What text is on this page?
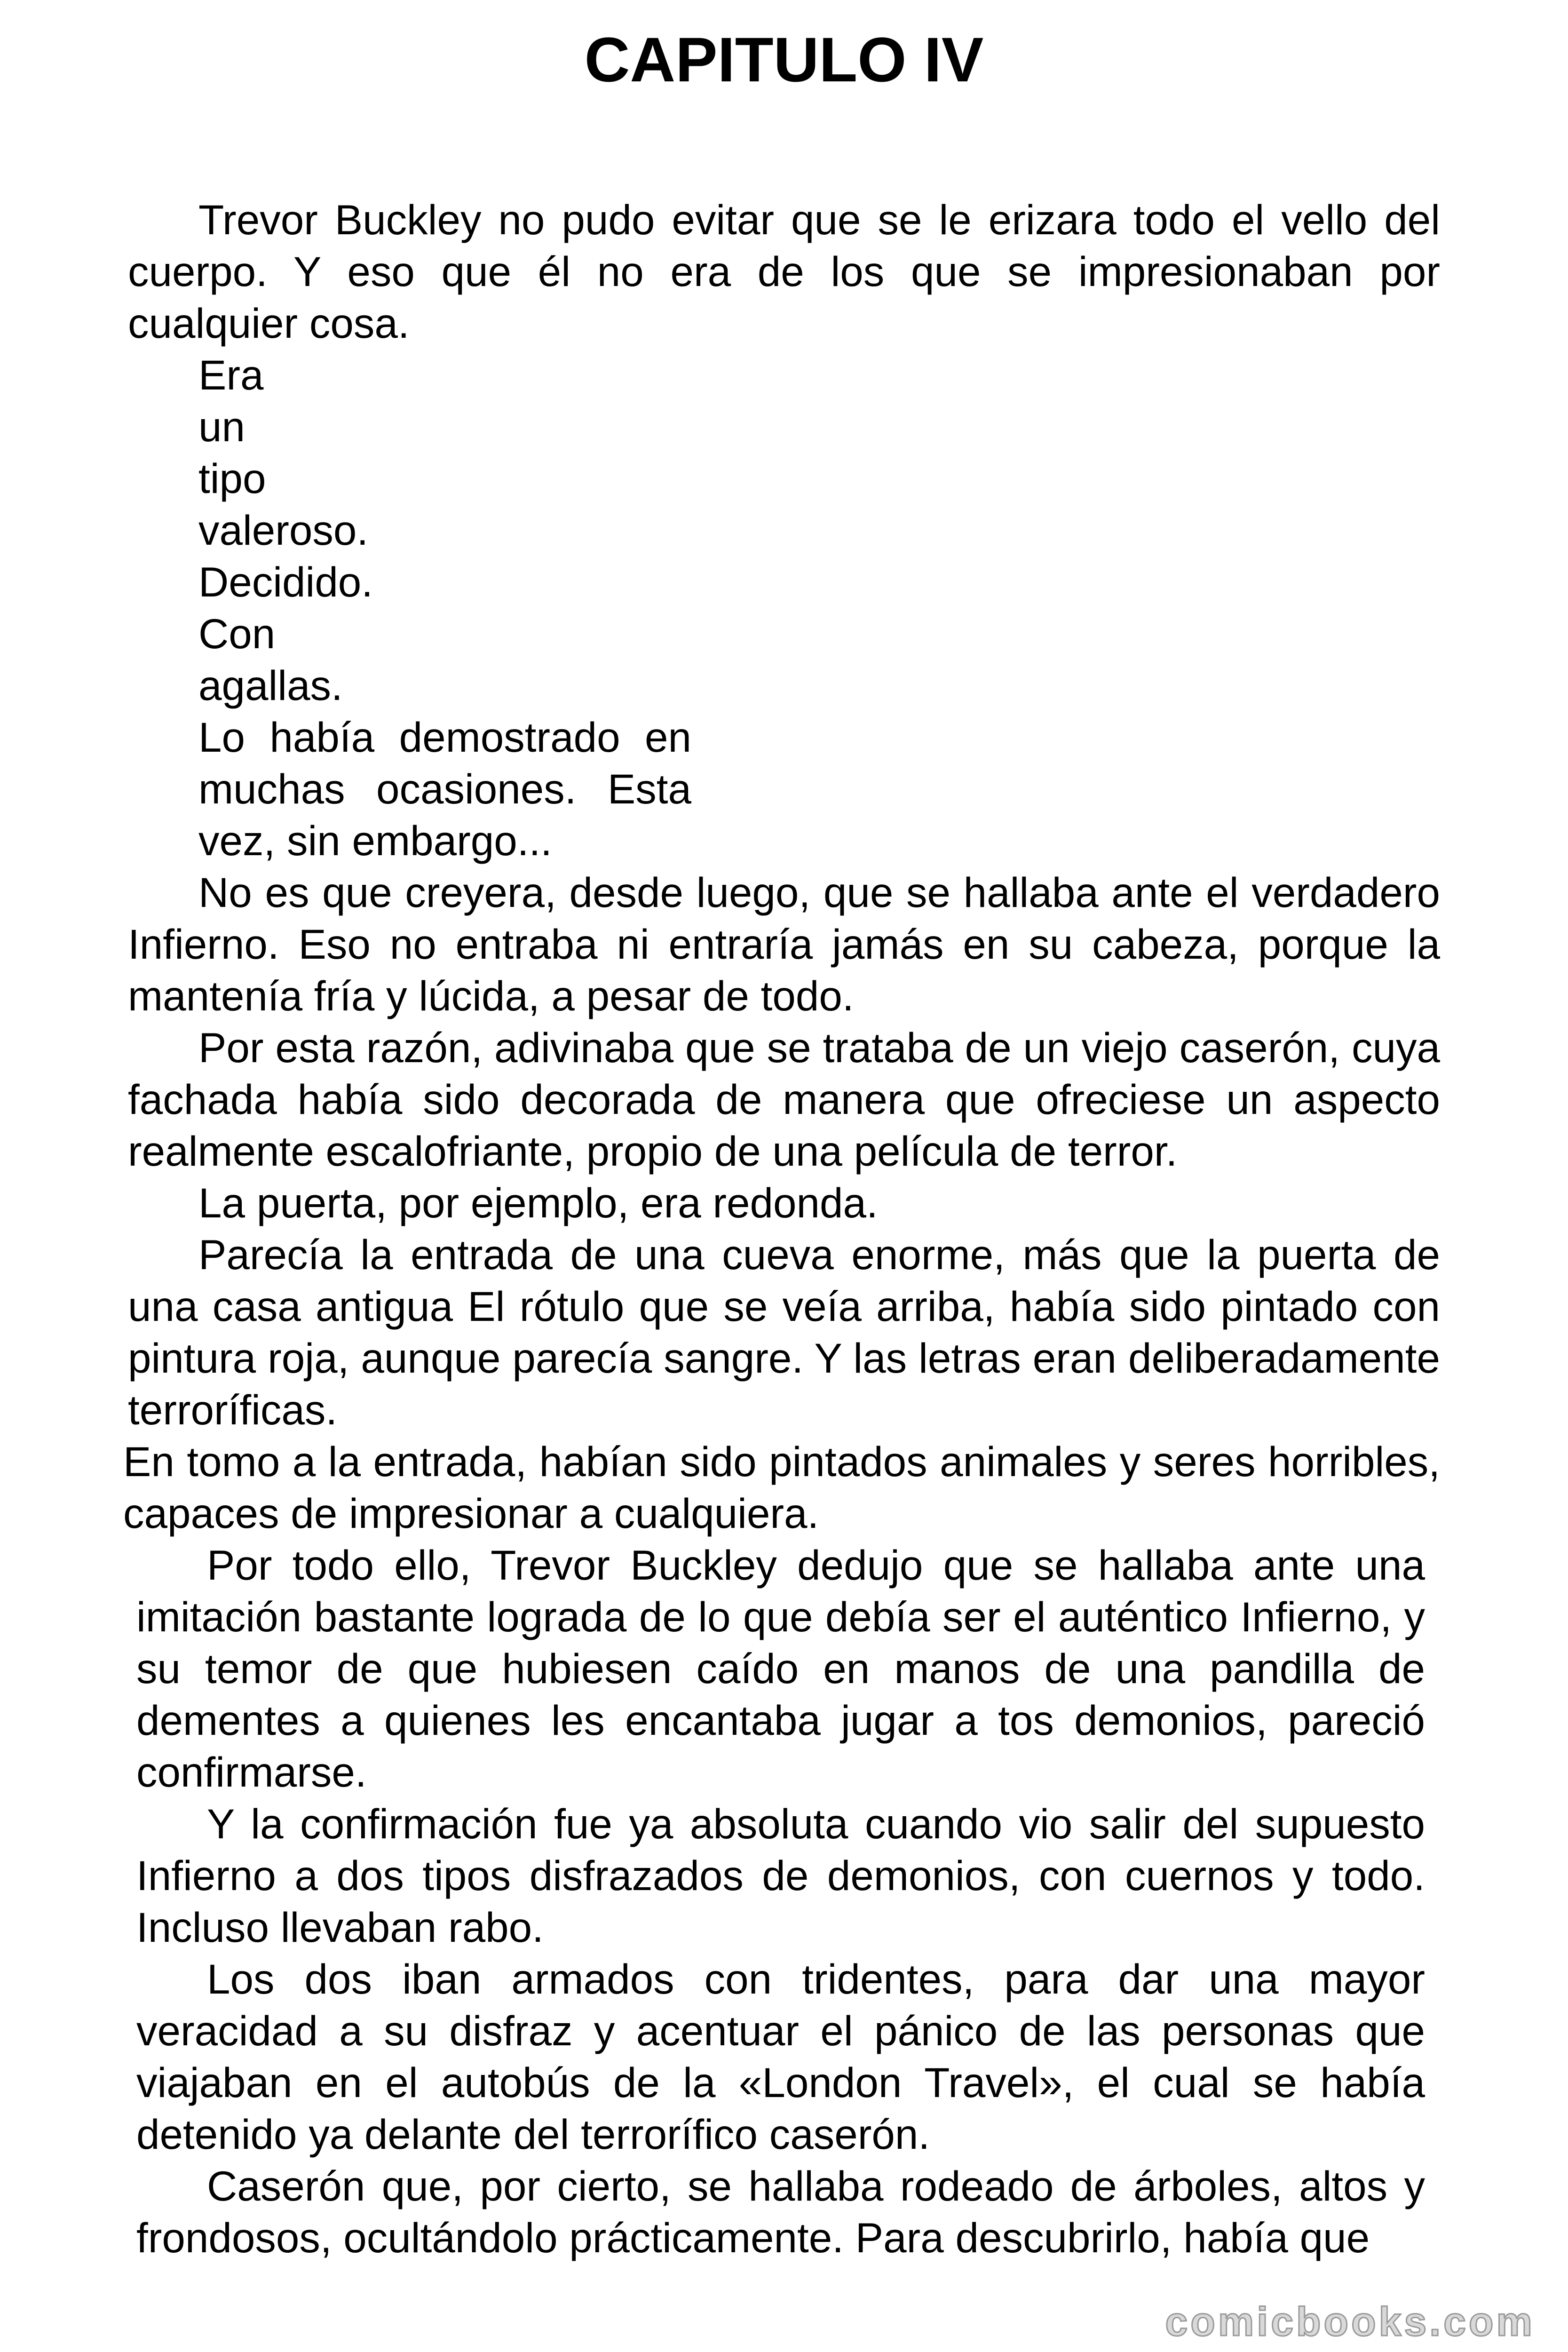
CAPITULO IV

Trevor Buckley no pudo evitar que se le erizara todo el vello del cuerpo. Y eso que él no era de los que se impresionaban por cualquier cosa.

Era

un

tipo

valeroso.

Decidido.

Con

agallas.

Lo había demostrado en muchas ocasiones. Esta vez, sin embargo...

No es que creyera, desde luego, que se hallaba ante el verdadero Infierno. Eso no entraba ni entraría jamás en su cabeza, porque la mantenía fría y lúcida, a pesar de todo.

Por esta razón, adivinaba que se trataba de un viejo caserón, cuya fachada había sido decorada de manera que ofreciese un aspecto realmente escalofriante, propio de una película de terror.

La puerta, por ejemplo, era redonda.

Parecía la entrada de una cueva enorme, más que la puerta de una casa antigua El rótulo que se veía arriba, había sido pintado con pintura roja, aunque parecía sangre. Y las letras eran deliberadamente terroríficas.

En tomo a la entrada, habían sido pintados animales y seres horribles, capaces de impresionar a cualquiera.

Por todo ello, Trevor Buckley dedujo que se hallaba ante una imitación bastante lograda de lo que debía ser el auténtico Infierno, y su temor de que hubiesen caído en manos de una pandilla de dementes a quienes les encantaba jugar a tos demonios, pareció confirmarse.

Y la confirmación fue ya absoluta cuando vio salir del supuesto Infierno a dos tipos disfrazados de demonios, con cuernos y todo. Incluso llevaban rabo.

Los dos iban armados con tridentes, para dar una mayor veracidad a su disfraz y acentuar el pánico de las personas que viajaban en el autobús de la «London Travel», el cual se había detenido ya delante del terrorífico caserón.

Caserón que, por cierto, se hallaba rodeado de árboles, altos y frondosos, ocultándolo prácticamente. Para descubrirlo, había que

comicbooks.com
